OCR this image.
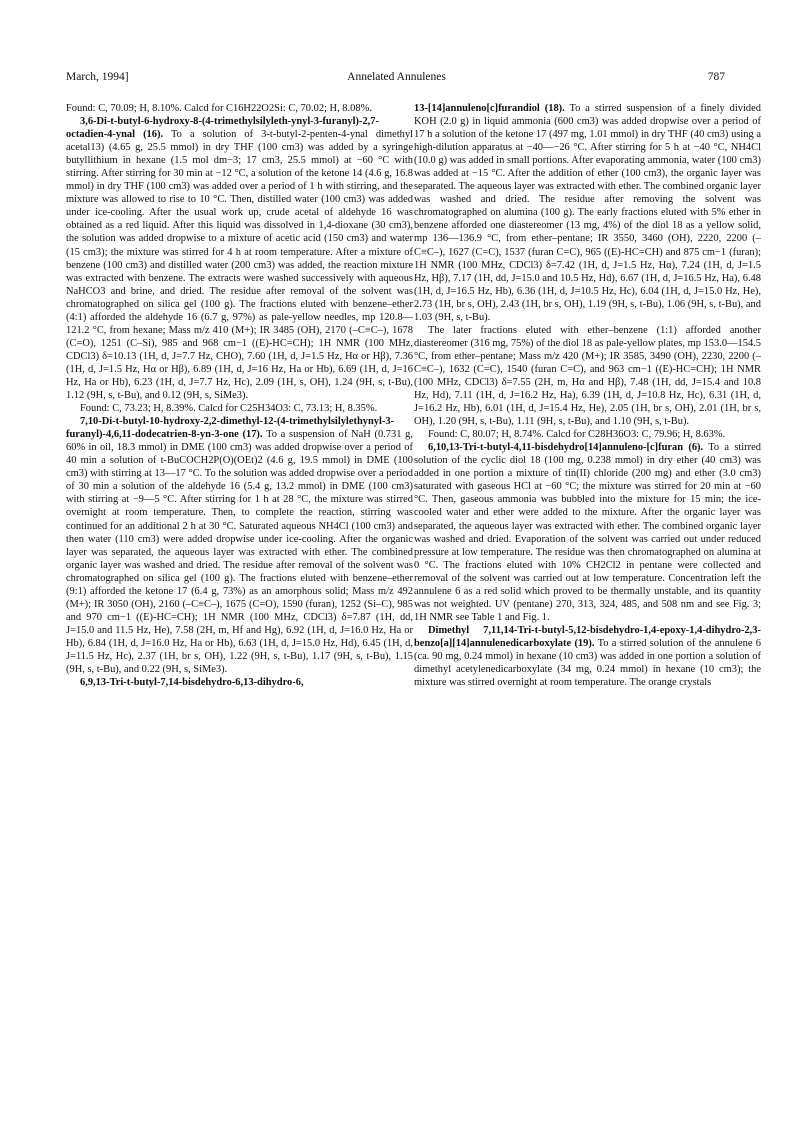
March, 1994]	Annelated Annulenes	787

Found: C, 70.09; H, 8.10%. Calcd for C16H22O2Si: C, 70.02; H, 8.08%.

3,6-Di-t-butyl-6-hydroxy-8-(4-trimethylsilyleth-ynyl-3-furanyl)-2,7-octadien-4-ynal (16). To a solution of 3-t-butyl-2-penten-4-ynal dimethyl acetal13) (4.65 g, 25.5 mmol) in dry THF (100 cm3) was added by a syringe butyllithium in hexane (1.5 mol dm−3; 17 cm3, 25.5 mmol) at −60 °C with stirring. After stirring for 30 min at −12 °C, a solution of the ketone 14 (4.6 g, 16.8 mmol) in dry THF (100 cm3) was added over a period of 1 h with stirring, and the mixture was allowed to rise to 10 °C. Then, distilled water (100 cm3) was added under ice-cooling. After the usual work up, crude acetal of aldehyde 16 was obtained as a red liquid. After this liquid was dissolved in 1,4-dioxane (30 cm3), the solution was added dropwise to a mixture of acetic acid (150 cm3) and water (15 cm3); the mixture was stirred for 4 h at room temperature. After a mixture of benzene (100 cm3) and distilled water (200 cm3) was added, the reaction mixture was extracted with benzene. The extracts were washed successively with aqueous NaHCO3 and brine, and dried. The residue after removal of the solvent was chromatographed on silica gel (100 g). The fractions eluted with benzene–ether (4:1) afforded the aldehyde 16 (6.7 g, 97%) as pale-yellow needles, mp 120.8—121.2 °C, from hexane; Mass m/z 410 (M+); IR 3485 (OH), 2170 (–C≡C–), 1678 (C=O), 1251 (C–Si), 985 and 968 cm−1 ((E)-HC=CH); 1H NMR (100 MHz, CDCl3) δ=10.13 (1H, d, J=7.7 Hz, CHO), 7.60 (1H, d, J=1.5 Hz, Hα or Hβ), 7.36 (1H, d, J=1.5 Hz, Hα or Hβ), 6.89 (1H, d, J=16 Hz, Ha or Hb), 6.69 (1H, d, J=16 Hz, Ha or Hb), 6.23 (1H, d, J=7.7 Hz, Hc), 2.09 (1H, s, OH), 1.24 (9H, s, t-Bu), 1.12 (9H, s, t-Bu), and 0.12 (9H, s, SiMe3).

Found: C, 73.23; H, 8.39%. Calcd for C25H34O3: C, 73.13; H, 8.35%.

7,10-Di-t-butyl-10-hydroxy-2,2-dimethyl-12-(4-trimethylsilylethynyl-3-furanyl)-4,6,11-dodecatrien-8-yn-3-one (17). To a suspension of NaH (0.731 g, 60% in oil, 18.3 mmol) in DME (100 cm3) was added dropwise over a period of 40 min a solution of t-BuCOCH2P(O)(OEt)2 (4.6 g, 19.5 mmol) in DME (100 cm3) with stirring at 13—17 °C. To the solution was added dropwise over a period of 30 min a solution of the aldehyde 16 (5.4 g, 13.2 mmol) in DME (100 cm3) with stirring at −9—5 °C. After stirring for 1 h at 28 °C, the mixture was stirred overnight at room temperature. Then, to complete the reaction, stirring was continued for an additional 2 h at 30 °C. Saturated aqueous NH4Cl (100 cm3) and then water (110 cm3) were added dropwise under ice-cooling. After the organic layer was separated, the aqueous layer was extracted with ether. The combined organic layer was washed and dried. The residue after removal of the solvent was chromatographed on silica gel (100 g). The fractions eluted with benzene–ether (9:1) afforded the ketone 17 (6.4 g, 73%) as an amorphous solid; Mass m/z 492 (M+); IR 3050 (OH), 2160 (–C≡C–), 1675 (C=O), 1590 (furan), 1252 (Si–C), 985 and 970 cm−1 ((E)-HC=CH); 1H NMR (100 MHz, CDCl3) δ=7.87 (1H, dd, J=15.0 and 11.5 Hz, He), 7.58 (2H, m, Hf and Hg), 6.92 (1H, d, J=16.0 Hz, Ha or Hb), 6.84 (1H, d, J=16.0 Hz, Ha or Hb), 6.63 (1H, d, J=15.0 Hz, Hd), 6.45 (1H, d, J=11.5 Hz, Hc), 2.37 (1H, br s, OH), 1.22 (9H, s, t-Bu), 1.17 (9H, s, t-Bu), 1.15 (9H, s, t-Bu), and 0.22 (9H, s, SiMe3).

6,9,13-Tri-t-butyl-7,14-bisdehydro-6,13-dihydro-6,

13-[14]annuleno[c]furandiol (18). To a stirred suspension of a finely divided KOH (2.0 g) in liquid ammonia (600 cm3) was added dropwise over a period of 17 h a solution of the ketone 17 (497 mg, 1.01 mmol) in dry THF (40 cm3) using a high-dilution apparatus at −40—−26 °C. After stirring for 5 h at −40 °C, NH4Cl (10.0 g) was added in small portions. After evaporating ammonia, water (100 cm3) was added at −15 °C. After the addition of ether (100 cm3), the organic layer was separated. The aqueous layer was extracted with ether. The combined organic layer was washed and dried. The residue after removing the solvent was chromatographed on alumina (100 g). The early fractions eluted with 5% ether in benzene afforded one diastereomer (13 mg, 4%) of the diol 18 as a yellow solid, mp 136—136.9 °C, from ether–pentane; IR 3550, 3460 (OH), 2220, 2200 (–C≡C–), 1627 (C=C), 1537 (furan C=C), 965 ((E)-HC=CH) and 875 cm−1 (furan); 1H NMR (100 MHz, CDCl3) δ=7.42 (1H, d, J=1.5 Hz, Hα), 7.24 (1H, d, J=1.5 Hz, Hβ), 7.17 (1H, dd, J=15.0 and 10.5 Hz, Hd), 6.67 (1H, d, J=16.5 Hz, Ha), 6.48 (1H, d, J=16.5 Hz, Hb), 6.36 (1H, d, J=10.5 Hz, Hc), 6.04 (1H, d, J=15.0 Hz, He), 2.73 (1H, br s, OH), 2.43 (1H, br s, OH), 1.19 (9H, s, t-Bu), 1.06 (9H, s, t-Bu), and 1.03 (9H, s, t-Bu).

The later fractions eluted with ether–benzene (1:1) afforded another diastereomer (316 mg, 75%) of the diol 18 as pale-yellow plates, mp 153.0—154.5 °C, from ether–pentane; Mass m/z 420 (M+); IR 3585, 3490 (OH), 2230, 2200 (–C≡C–), 1632 (C=C), 1540 (furan C=C), and 963 cm−1 ((E)-HC=CH); 1H NMR (100 MHz, CDCl3) δ=7.55 (2H, m, Hα and Hβ), 7.48 (1H, dd, J=15.4 and 10.8 Hz, Hd), 7.11 (1H, d, J=16.2 Hz, Ha), 6.39 (1H, d, J=10.8 Hz, Hc), 6.31 (1H, d, J=16.2 Hz, Hb), 6.01 (1H, d, J=15.4 Hz, He), 2.05 (1H, br s, OH), 2.01 (1H, br s, OH), 1.20 (9H, s, t-Bu), 1.11 (9H, s, t-Bu), and 1.10 (9H, s, t-Bu).

Found: C, 80.07; H, 8.74%. Calcd for C28H36O3: C, 79.96; H, 8.63%.

6,10,13-Tri-t-butyl-4,11-bisdehydro[14]annuleno-[c]furan (6). To a stirred solution of the cyclic diol 18 (100 mg, 0.238 mmol) in dry ether (40 cm3) was added in one portion a mixture of tin(II) chloride (200 mg) and ether (3.0 cm3) saturated with gaseous HCl at −60 °C; the mixture was stirred for 20 min at −60 °C. Then, gaseous ammonia was bubbled into the mixture for 15 min; the ice-cooled water and ether were added to the mixture. After the organic layer was separated, the aqueous layer was extracted with ether. The combined organic layer was washed and dried. Evaporation of the solvent was carried out under reduced pressure at low temperature. The residue was then chromatographed on alumina at 0 °C. The fractions eluted with 10% CH2Cl2 in pentane were collected and removal of the solvent was carried out at low temperature. Concentration left the annulene 6 as a red solid which proved to be thermally unstable, and its quantity was not weighted. UV (pentane) 270, 313, 324, 485, and 508 nm and see Fig. 3; 1H NMR see Table 1 and Fig. 1.

Dimethyl 7,11,14-Tri-t-butyl-5,12-bisdehydro-1,4-epoxy-1,4-dihydro-2,3-benzo[a][14]annulenedicarboxylate (19). To a stirred solution of the annulene 6 (ca. 90 mg, 0.24 mmol) in hexane (10 cm3) was added in one portion a solution of dimethyl acetylenedicarboxylate (34 mg, 0.24 mmol) in hexane (10 cm3); the mixture was stirred overnight at room temperature. The orange crystals
